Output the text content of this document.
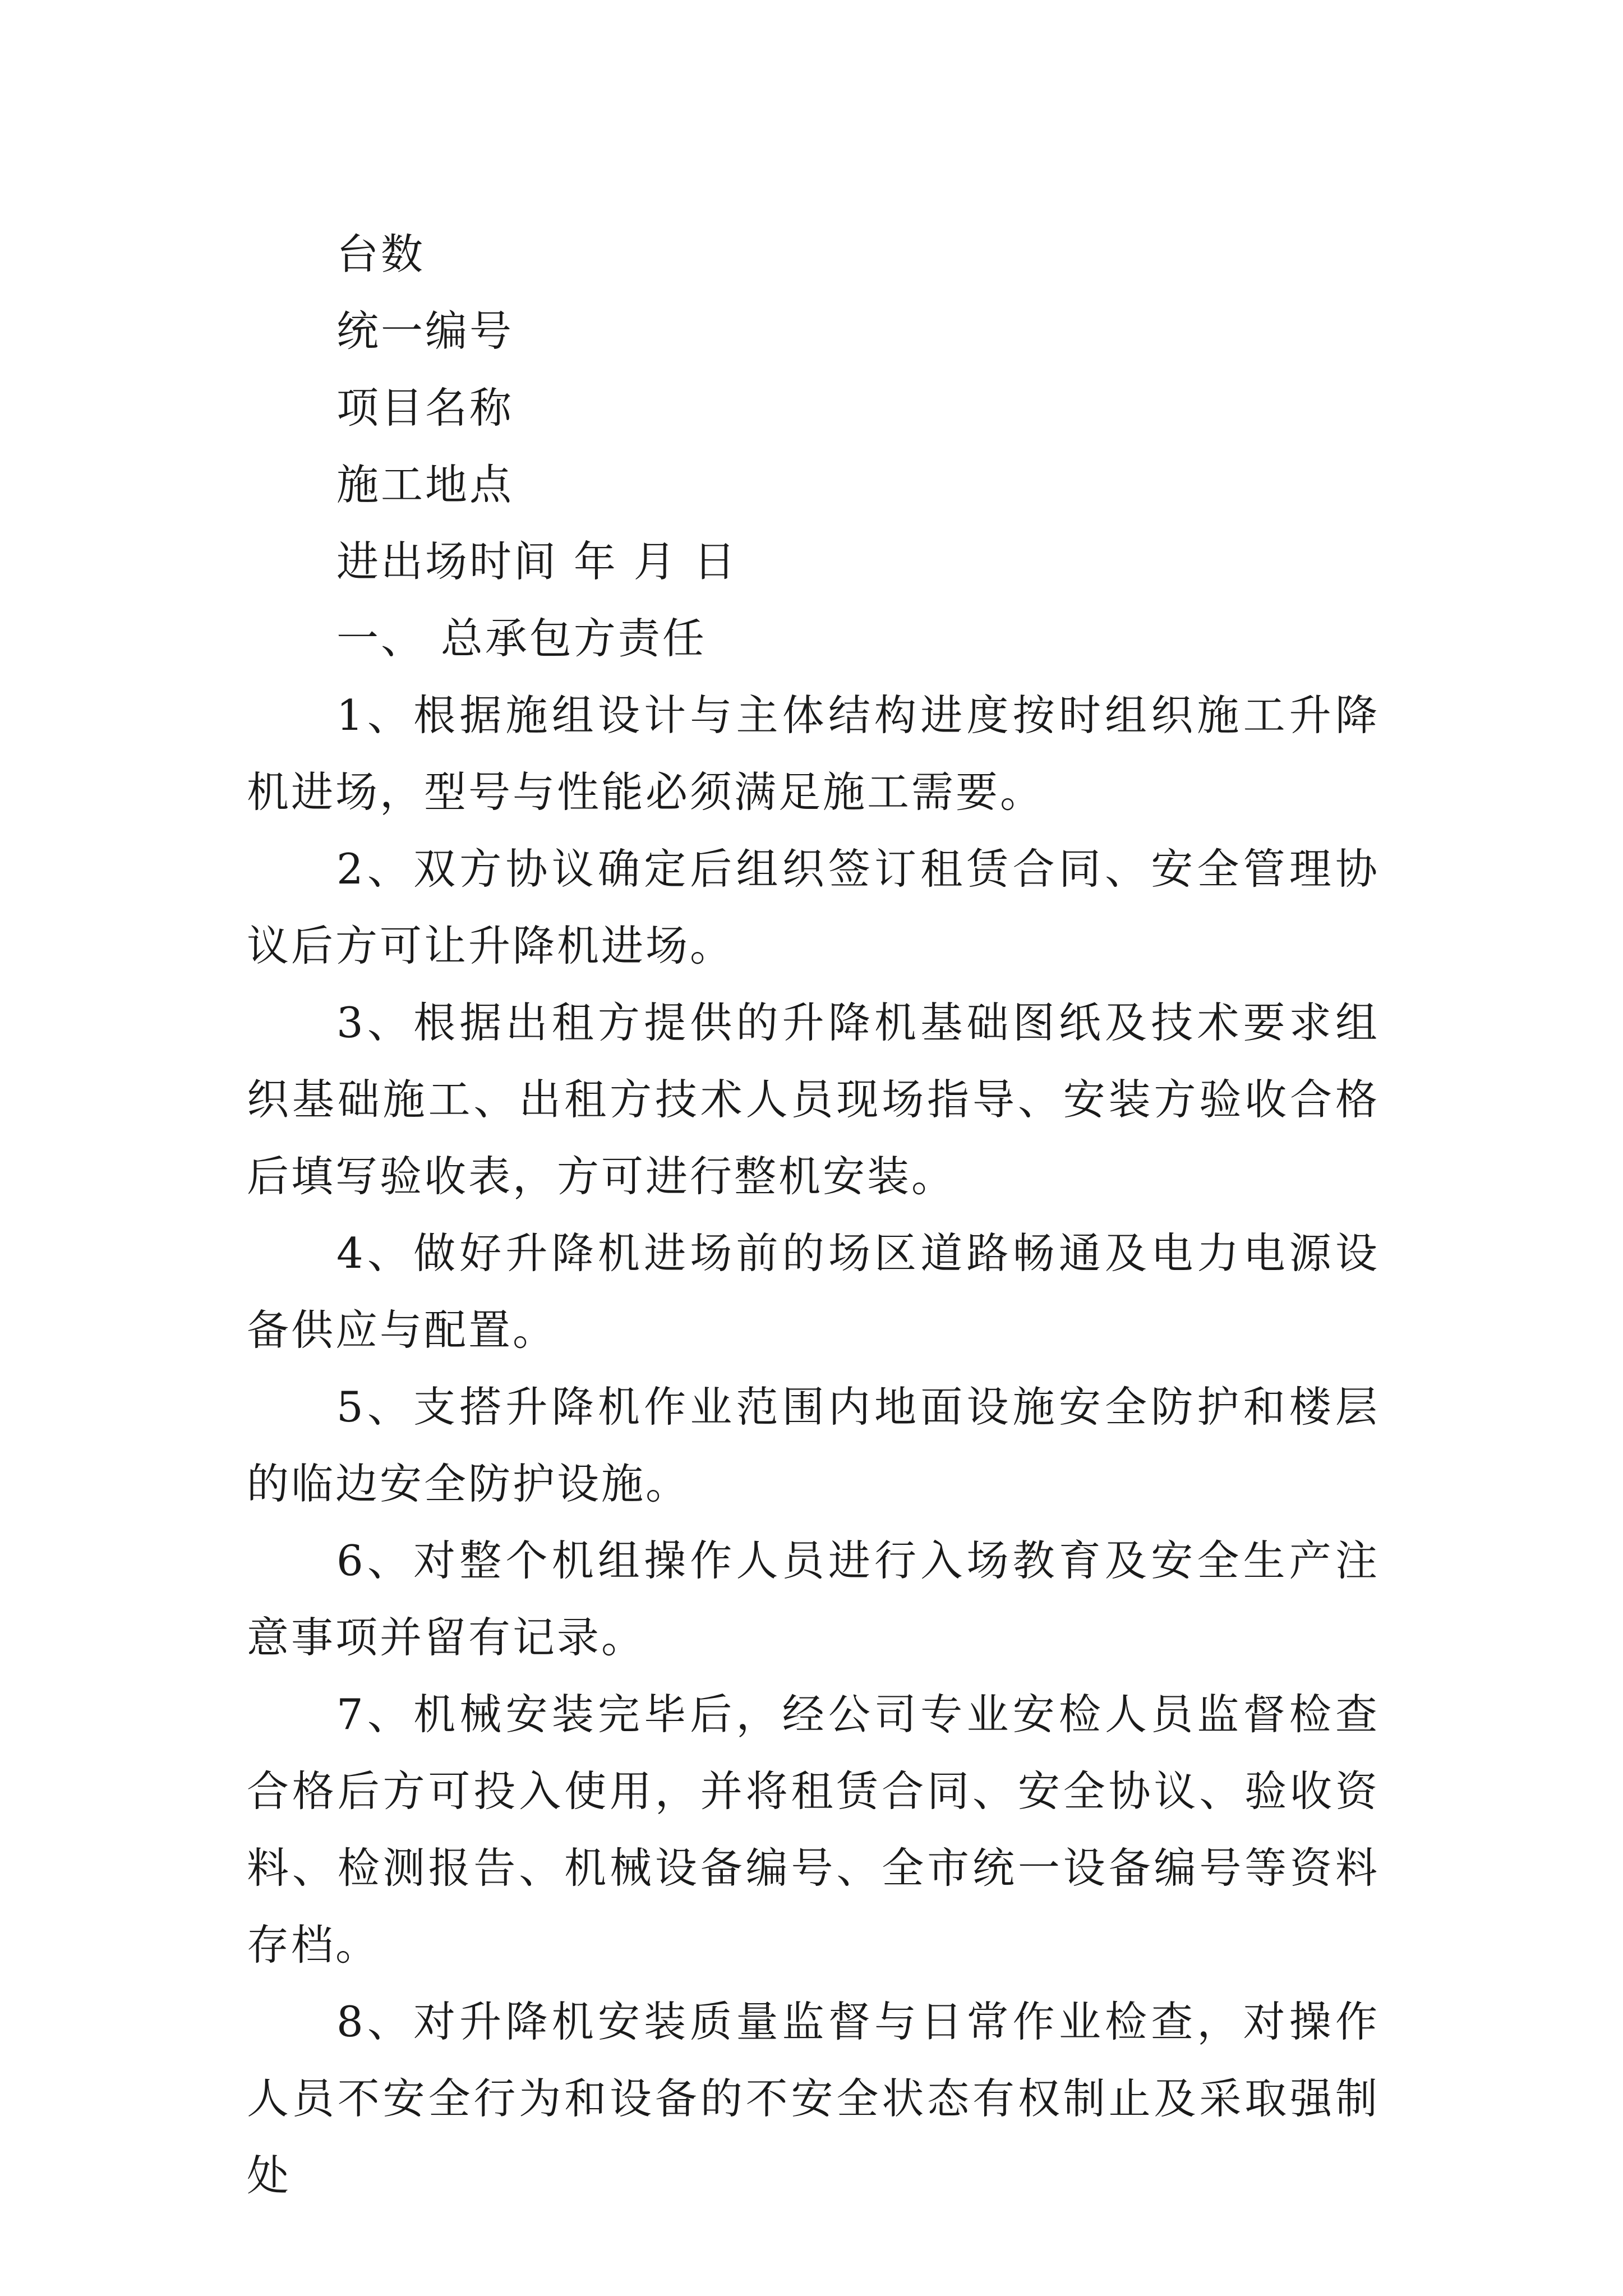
台数

统一编号

项目名称

施工地点

进出场时间 年 月 日

一、 总承包方责任

1、根据施组设计与主体结构进度按时组织施工升降机进场，型号与性能必须满足施工需要。

2、双方协议确定后组织签订租赁合同、安全管理协议后方可让升降机进场。

3、根据出租方提供的升降机基础图纸及技术要求组织基础施工、出租方技术人员现场指导、安装方验收合格后填写验收表，方可进行整机安装。

4、做好升降机进场前的场区道路畅通及电力电源设备供应与配置。

5、支搭升降机作业范围内地面设施安全防护和楼层的临边安全防护设施。

6、对整个机组操作人员进行入场教育及安全生产注意事项并留有记录。

7、机械安装完毕后，经公司专业安检人员监督检查合格后方可投入使用，并将租赁合同、安全协议、验收资料、检测报告、机械设备编号、全市统一设备编号等资料存档。

8、对升降机安装质量监督与日常作业检查，对操作人员不安全行为和设备的不安全状态有权制止及采取强制处
